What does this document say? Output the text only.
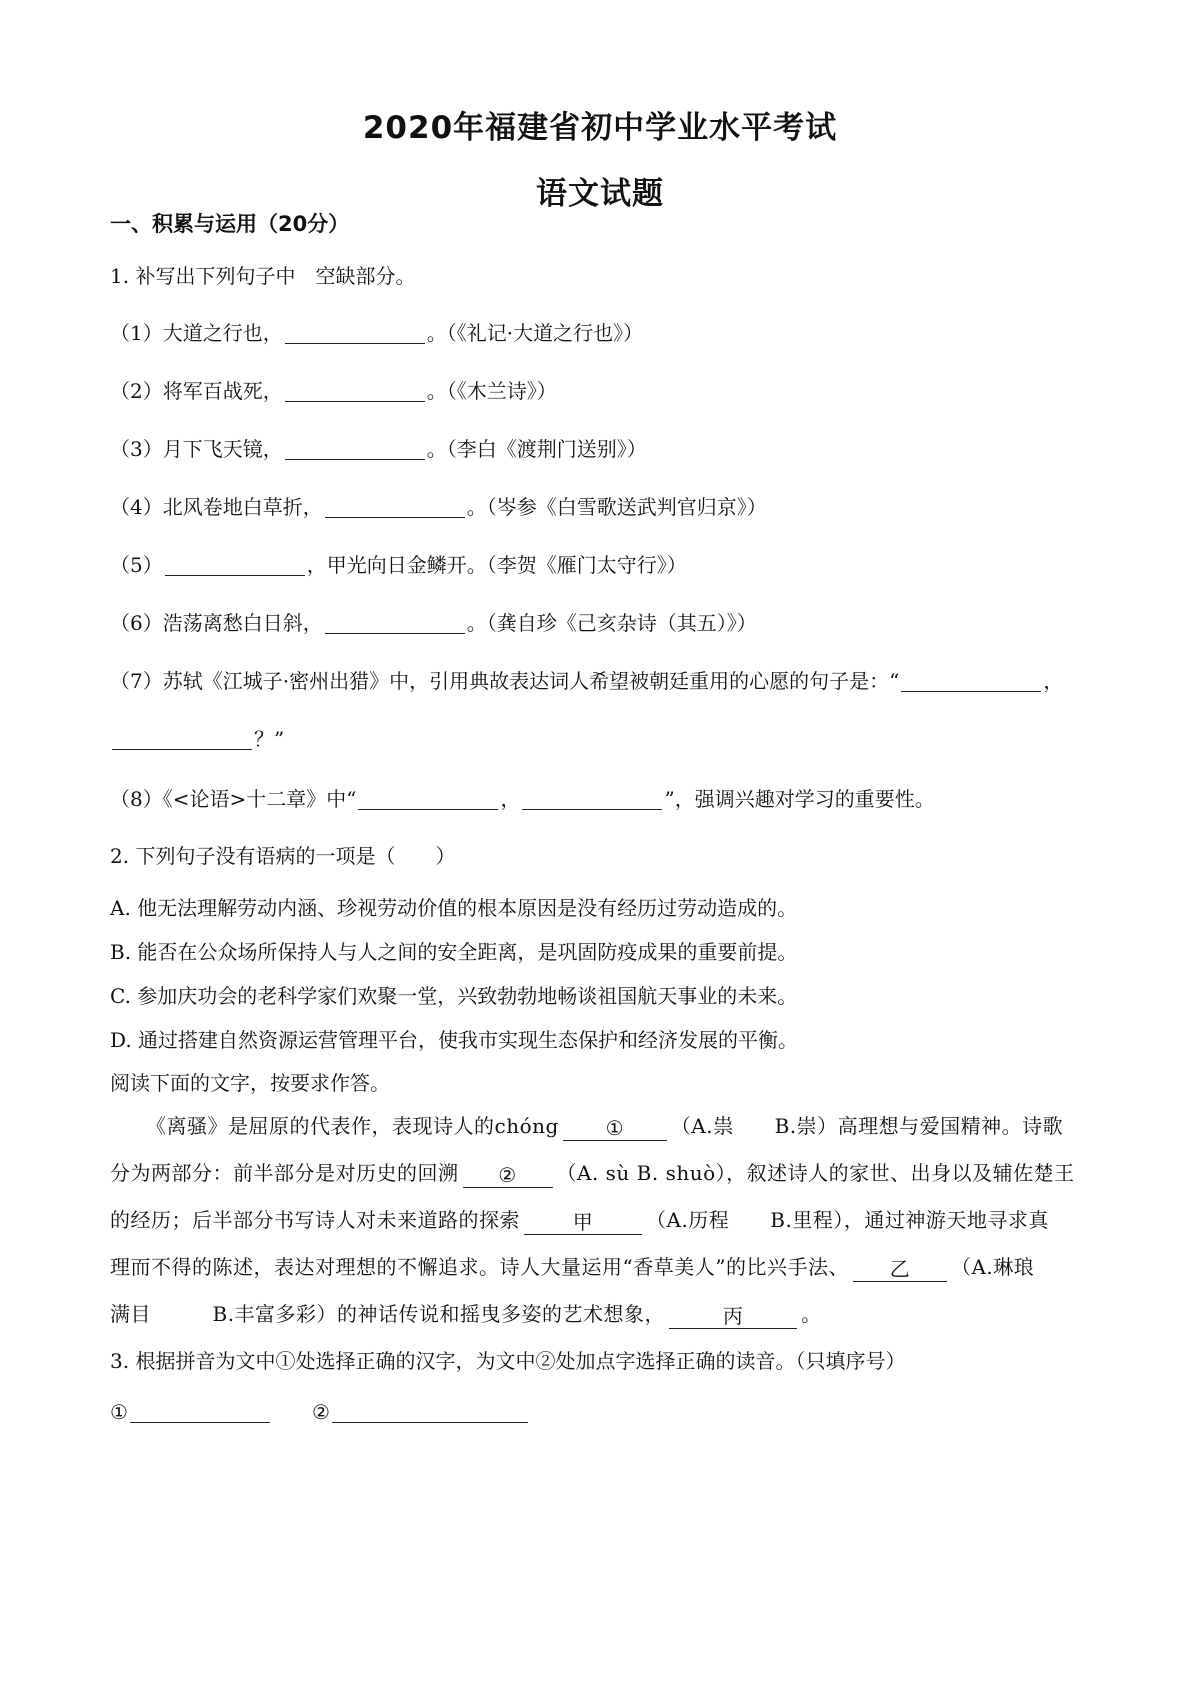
2020年福建省初中学业水平考试
语文试题
一、积累与运用（20分）
1. 补写出下列句子中　空缺部分。
（1）大道之行也，	。（《礼记·大道之行也》）
（2）将军百战死，	。（《木兰诗》）
（3）月下飞天镜，	。（李白《渡荆门送别》）
（4）北风卷地白草折，	。（岑参《白雪歌送武判官归京》）
（5）	，甲光向日金鳞开。（李贺《雁门太守行》）
（6）浩荡离愁白日斜，	。（龚自珍《己亥杂诗（其五）》）
（7）苏轼《江城子·密州出猎》中，引用典故表达词人希望被朝廷重用的心愿的句子是：“	，
？”
（8）《<论语>十二章》中“	，	”，强调兴趣对学习的重要性。
2. 下列句子没有语病的一项是（　　）
A. 他无法理解劳动内涵、珍视劳动价值的根本原因是没有经历过劳动造成的。
B. 能否在公众场所保持人与人之间的安全距离，是巩固防疫成果的重要前提。
C. 参加庆功会的老科学家们欢聚一堂，兴致勃勃地畅谈祖国航天事业的未来。
D. 通过搭建自然资源运营管理平台，使我市实现生态保护和经济发展的平衡。
阅读下面的文字，按要求作答。
《离骚》是屈原的代表作，表现诗人的chóng ① （A.祟　　B.崇）高理想与爱国精神。诗歌
分为两部分：前半部分是对历史的回溯 ② （A. sù B. shuò），叙述诗人的家世、出身以及辅佐楚王
的经历；后半部分书写诗人对未来道路的探索	甲	（A.历程　　B.里程），通过神游天地寻求真
理而不得的陈述，表达对理想的不懈追求。诗人大量运用“香草美人”的比兴手法、 乙 （A.琳琅
满目　　　B.丰富多彩）的神话传说和摇曳多姿的艺术想象，	丙	。
3. 根据拼音为文中①处选择正确的汉字，为文中②处加点字选择正确的读音。（只填序号）
①	②
